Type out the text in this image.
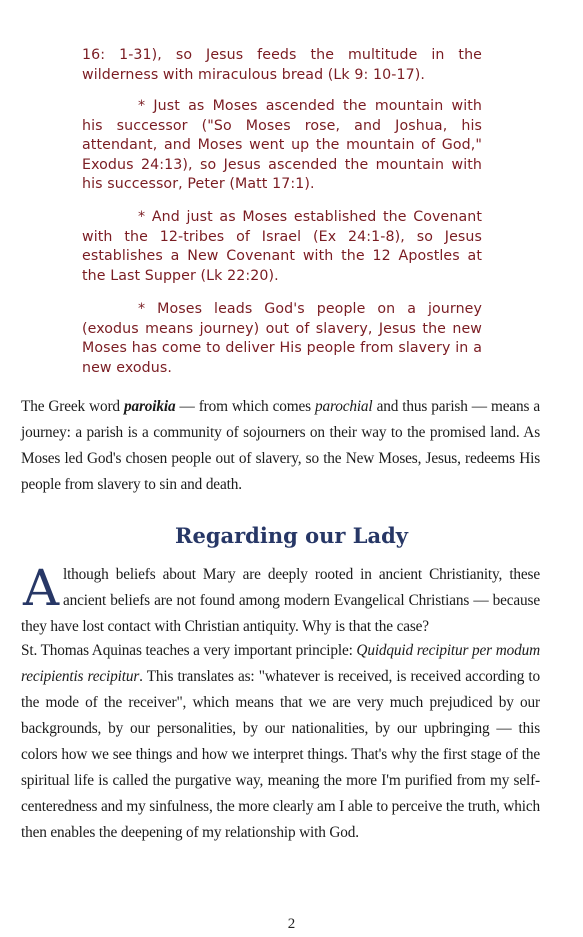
16: 1-31), so Jesus feeds the multitude in the wilderness with miraculous bread (Lk 9: 10-17).
* Just as Moses ascended the mountain with his successor ("So Moses rose, and Joshua, his attendant, and Moses went up the mountain of God," Exodus 24:13), so Jesus ascended the mountain with his successor, Peter (Matt 17:1).
* And just as Moses established the Covenant with the 12-tribes of Israel (Ex 24:1-8), so Jesus establishes a New Covenant with the 12 Apostles at the Last Supper (Lk 22:20).
* Moses leads God's people on a journey (exodus means journey) out of slavery, Jesus the new Moses has come to deliver His people from slavery in a new exodus.

The Greek word paroikia — from which comes parochial and thus parish — means a journey: a parish is a community of sojourners on their way to the promised land. As Moses led God's chosen people out of slavery, so the New Moses, Jesus, redeems His people from slavery to sin and death.

Regarding our Lady

Although beliefs about Mary are deeply rooted in ancient Christianity, these ancient beliefs are not found among modern Evangelical Christians — because they have lost contact with Christian antiquity. Why is that the case?

St. Thomas Aquinas teaches a very important principle: Quidquid recipitur per modum recipientis recipitur. This translates as: "whatever is received, is received according to the mode of the receiver", which means that we are very much prejudiced by our backgrounds, by our personalities, by our nationalities, by our upbringing — this colors how we see things and how we interpret things. That's why the first stage of the spiritual life is called the purgative way, meaning the more I'm purified from my self-centeredness and my sinfulness, the more clearly am I able to perceive the truth, which then enables the deepening of my relationship with God.

2
